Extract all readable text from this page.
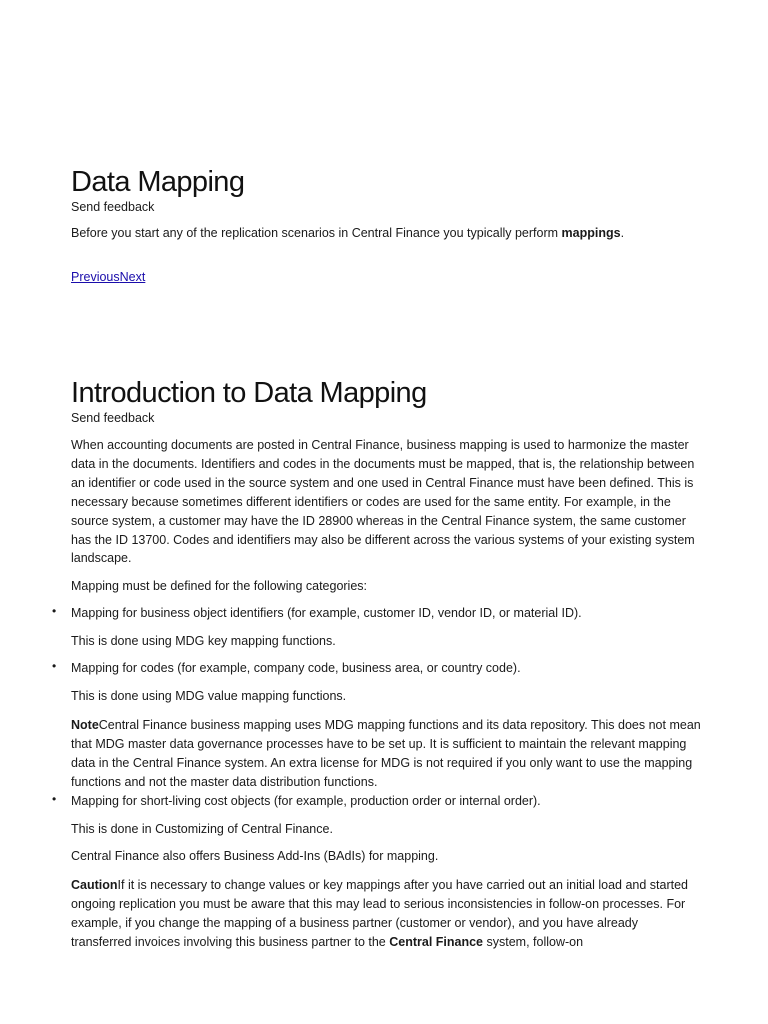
Data Mapping
Send feedback

Before you start any of the replication scenarios in Central Finance you typically perform mappings.

PreviousNext
Introduction to Data Mapping
Send feedback

When accounting documents are posted in Central Finance, business mapping is used to harmonize the master data in the documents. Identifiers and codes in the documents must be mapped, that is, the relationship between an identifier or code used in the source system and one used in Central Finance must have been defined. This is necessary because sometimes different identifiers or codes are used for the same entity. For example, in the source system, a customer may have the ID 28900 whereas in the Central Finance system, the same customer has the ID 13700. Codes and identifiers may also be different across the various systems of your existing system landscape.

Mapping must be defined for the following categories:

• Mapping for business object identifiers (for example, customer ID, vendor ID, or material ID).

This is done using MDG key mapping functions.

• Mapping for codes (for example, company code, business area, or country code).

This is done using MDG value mapping functions.

NoteCentral Finance business mapping uses MDG mapping functions and its data repository. This does not mean that MDG master data governance processes have to be set up. It is sufficient to maintain the relevant mapping data in the Central Finance system. An extra license for MDG is not required if you only want to use the mapping functions and not the master data distribution functions.

• Mapping for short-living cost objects (for example, production order or internal order).

This is done in Customizing of Central Finance.

Central Finance also offers Business Add-Ins (BAdIs) for mapping.

CautionIf it is necessary to change values or key mappings after you have carried out an initial load and started ongoing replication you must be aware that this may lead to serious inconsistencies in follow-on processes. For example, if you change the mapping of a business partner (customer or vendor), and you have already transferred invoices involving this business partner to the Central Finance system, follow-on
